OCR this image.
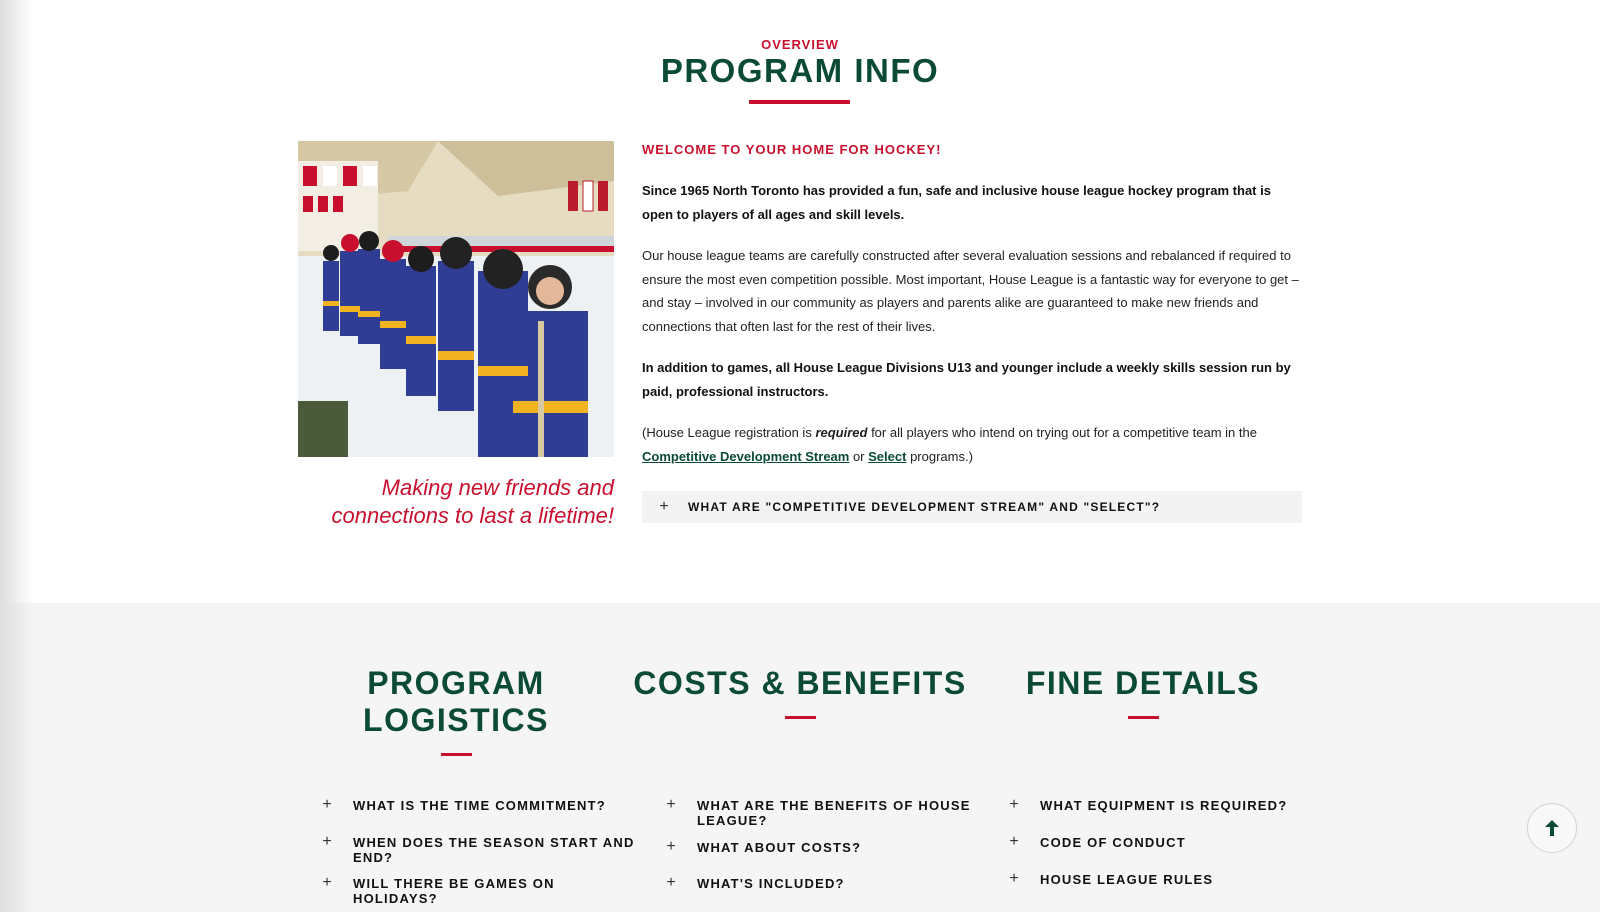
OVERVIEW
PROGRAM INFO
Making new friends and connections to last a lifetime!

WELCOME TO YOUR HOME FOR HOCKEY!

Since 1965 North Toronto has provided a fun, safe and inclusive house league hockey program that is open to players of all ages and skill levels.

Our house league teams are carefully constructed after several evaluation sessions and rebalanced if required to ensure the most even competition possible. Most important, House League is a fantastic way for everyone to get – and stay – involved in our community as players and parents alike are guaranteed to make new friends and connections that often last for the rest of their lives.

In addition to games, all House League Divisions U13 and younger include a weekly skills session run by paid, professional instructors.

(House League registration is required for all players who intend on trying out for a competitive team in the Competitive Development Stream or Select programs.)

+	WHAT ARE "COMPETITIVE DEVELOPMENT STREAM" AND "SELECT"?
PROGRAM LOGISTICS
+	WHAT IS THE TIME COMMITMENT?
+	WHEN DOES THE SEASON START AND END?
+	WILL THERE BE GAMES ON HOLIDAYS?
COSTS & BENEFITS
+	WHAT ARE THE BENEFITS OF HOUSE LEAGUE?
+	WHAT ABOUT COSTS?
+	WHAT'S INCLUDED?
FINE DETAILS
+	WHAT EQUIPMENT IS REQUIRED?
+	CODE OF CONDUCT
+	HOUSE LEAGUE RULES
